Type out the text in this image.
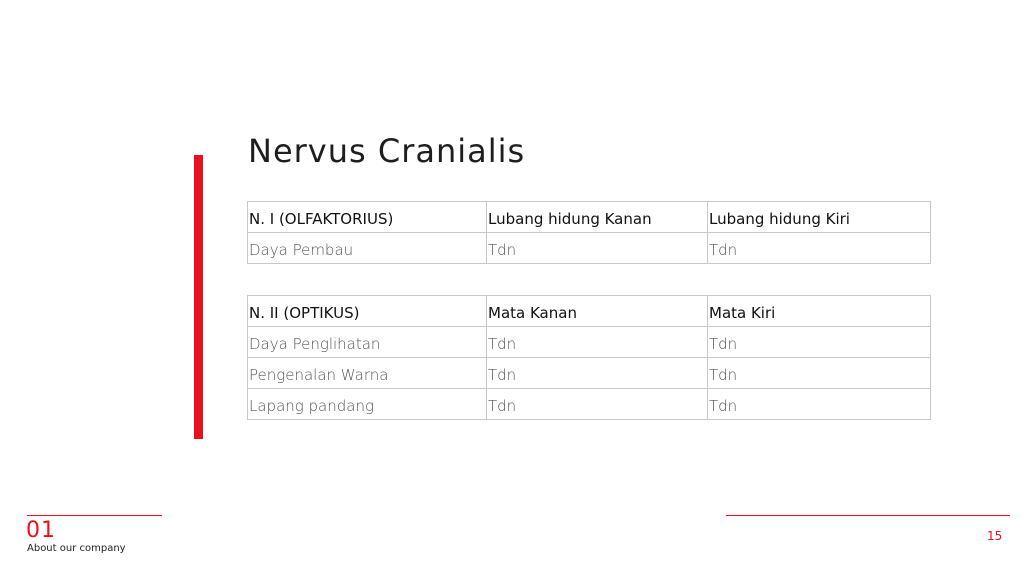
Nervus Cranialis
N. I (OLFAKTORIUS)	Lubang hidung Kanan	Lubang hidung Kiri
Daya Pembau	Tdn	Tdn
N. II (OPTIKUS)	Mata Kanan	Mata Kiri
Daya Penglihatan	Tdn	Tdn
Pengenalan Warna	Tdn	Tdn
Lapang pandang	Tdn	Tdn
01
About our company
15
